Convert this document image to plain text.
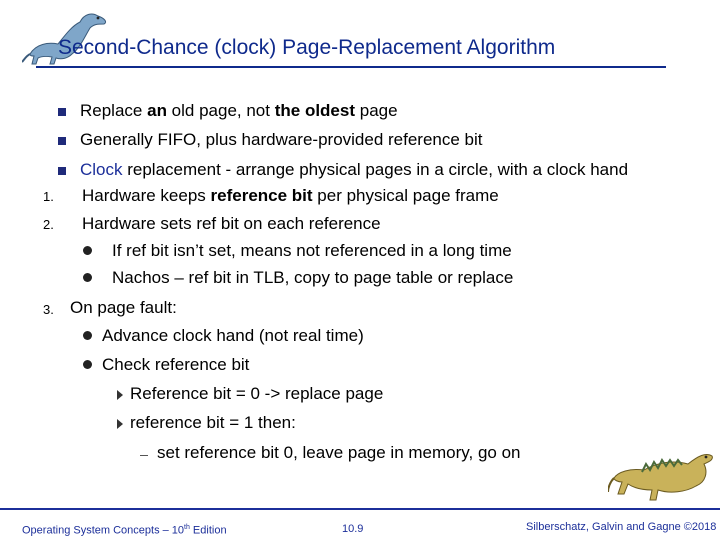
Second-Chance (clock) Page-Replacement Algorithm
Replace an old page, not the oldest page
Generally FIFO, plus hardware-provided reference bit
Clock replacement - arrange physical pages in a circle, with a clock hand
1. Hardware keeps reference bit per physical page frame
2. Hardware sets ref bit on each reference
If ref bit isn’t set, means not referenced in a long time
Nachos – ref bit in TLB, copy to page table or replace
3. On page fault:
Advance clock hand (not real time)
Check reference bit
Reference bit = 0 -> replace page
reference bit = 1 then:
set reference bit 0, leave page in memory, go on
Operating System Concepts – 10th Edition	10.9	Silberschatz, Galvin and Gagne ©2018
